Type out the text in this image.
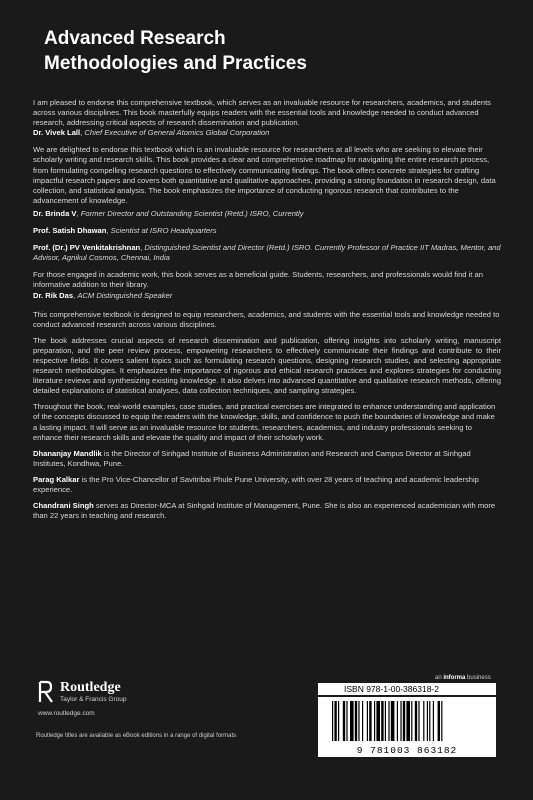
Advanced Research
Methodologies and Practices

I am pleased to endorse this comprehensive textbook, which serves as an invaluable resource for researchers, academics, and students across various disciplines. This book masterfully equips readers with the essential tools and knowledge needed to conduct advanced research, addressing critical aspects of research dissemination and publication.

Dr. Vivek Lall, Chief Executive of General Atomics Global Corporation

We are delighted to endorse this textbook which is an invaluable resource for researchers at all levels who are seeking to elevate their scholarly writing and research skills. This book provides a clear and comprehensive roadmap for navigating the entire research process, from formulating compelling research questions to effectively communicating findings. The book offers concrete strategies for crafting impactful research papers and covers both quantitative and qualitative approaches, providing a strong foundation in research design, data collection, and statistical analysis. The book emphasizes the importance of conducting rigorous research that contributes to the advancement of knowledge.

Dr. Brinda V, Former Director and Outstanding Scientist (Retd.) ISRO, Currently

Prof. Satish Dhawan, Scientist at ISRO Headquarters

Prof. (Dr.) PV Venkitakrishnan, Distinguished Scientist and Director (Retd.) ISRO. Currently Professor of Practice IIT Madras, Mentor, and Advisor, Agnikul Cosmos, Chennai, India

For those engaged in academic work, this book serves as a beneficial guide. Students, researchers, and professionals would find it an informative addition to their library.

Dr. Rik Das, ACM Distinguished Speaker

This comprehensive textbook is designed to equip researchers, academics, and students with the essential tools and knowledge needed to conduct advanced research across various disciplines.

The book addresses crucial aspects of research dissemination and publication, offering insights into scholarly writing, manuscript preparation, and the peer review process, empowering researchers to effectively communicate their findings and contribute to their respective fields. It covers salient topics such as formulating research questions, designing research studies, and selecting appropriate research methodologies. It emphasizes the importance of rigorous and ethical research practices and explores strategies for conducting literature reviews and synthesizing existing knowledge. It also delves into advanced quantitative and qualitative research methods, offering detailed explanations of statistical analyses, data collection techniques, and sampling strategies.

Throughout the book, real-world examples, case studies, and practical exercises are integrated to enhance understanding and application of the concepts discussed to equip the readers with the knowledge, skills, and confidence to push the boundaries of knowledge and make a lasting impact. It will serve as an invaluable resource for students, researchers, academics, and industry professionals seeking to enhance their research skills and elevate the quality and impact of their scholarly work.

Dhananjay Mandlik is the Director of Sinhgad Institute of Business Administration and Research and Campus Director at Sinhgad Institutes, Kondhwa, Pune.

Parag Kalkar is the Pro Vice-Chancellor of Savitribai Phule Pune University, with over 28 years of teaching and academic leadership experience.

Chandrani Singh serves as Director-MCA at Sinhgad Institute of Management, Pune. She is also an experienced academician with more than 22 years in teaching and research.

Routledge
Taylor & Francis Group
www.routledge.com
an informa business
ISBN 978-1-00-386318-2
9 781003 863182
Routledge titles are available as eBook editions in a range of digital formats
